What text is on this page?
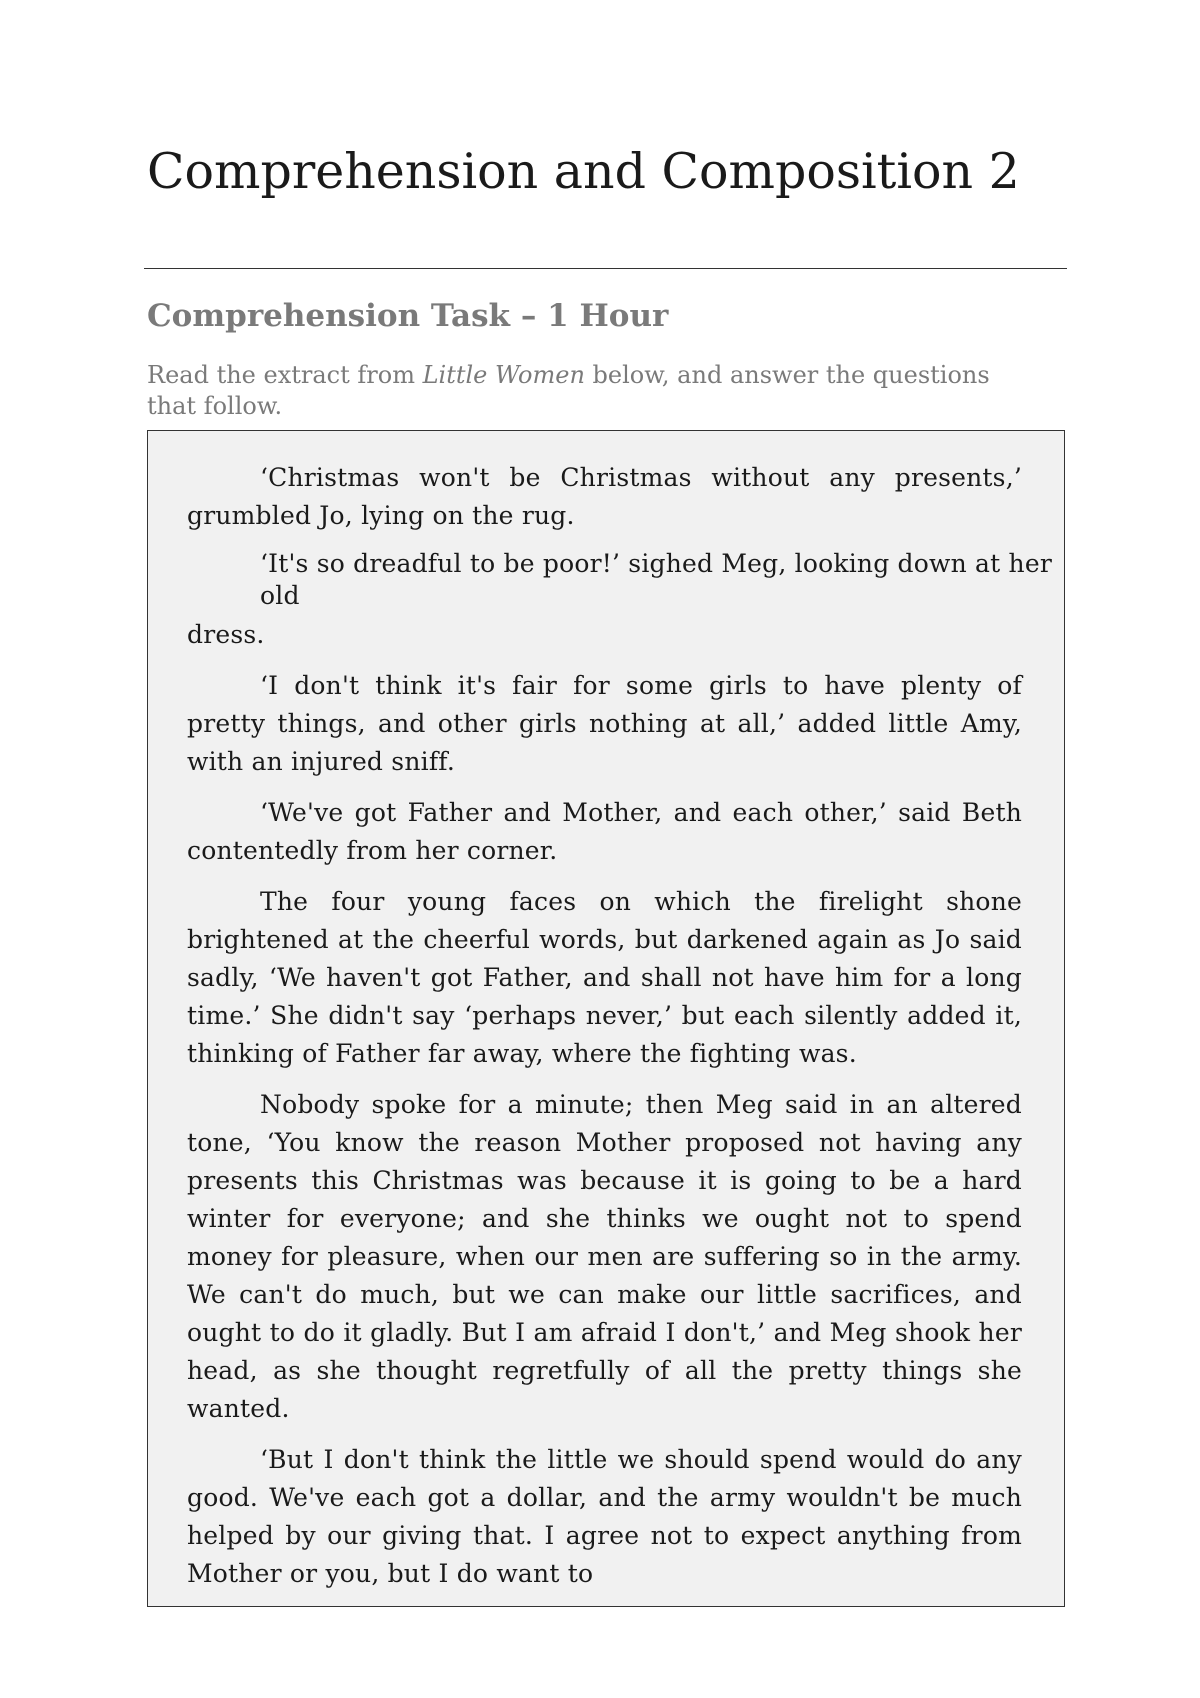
Comprehension and Composition 2
Comprehension Task – 1 Hour

Read the extract from Little Women below, and answer the questions that follow.

‘Christmas won't be Christmas without any presents,’ grumbled Jo, lying on the rug.

‘It's so dreadful to be poor!’ sighed Meg, looking down at her old

dress.

‘I don't think it's fair for some girls to have plenty of pretty things, and other girls nothing at all,’ added little Amy, with an injured sniff.

‘We've got Father and Mother, and each other,’ said Beth contentedly from her corner.

The four young faces on which the firelight shone brightened at the cheerful words, but darkened again as Jo said sadly, ‘We haven't got Father, and shall not have him for a long time.’ She didn't say ‘perhaps never,’ but each silently added it, thinking of Father far away, where the fighting was.

Nobody spoke for a minute; then Meg said in an altered tone, ‘You know the reason Mother proposed not having any presents this Christmas was because it is going to be a hard winter for everyone; and she thinks we ought not to spend money for pleasure, when our men are suffering so in the army. We can't do much, but we can make our little sacrifices, and ought to do it gladly. But I am afraid I don't,’ and Meg shook her head, as she thought regretfully of all the pretty things she wanted.

‘But I don't think the little we should spend would do any good. We've each got a dollar, and the army wouldn't be much helped by our giving that. I agree not to expect anything from Mother or you, but I do want to
